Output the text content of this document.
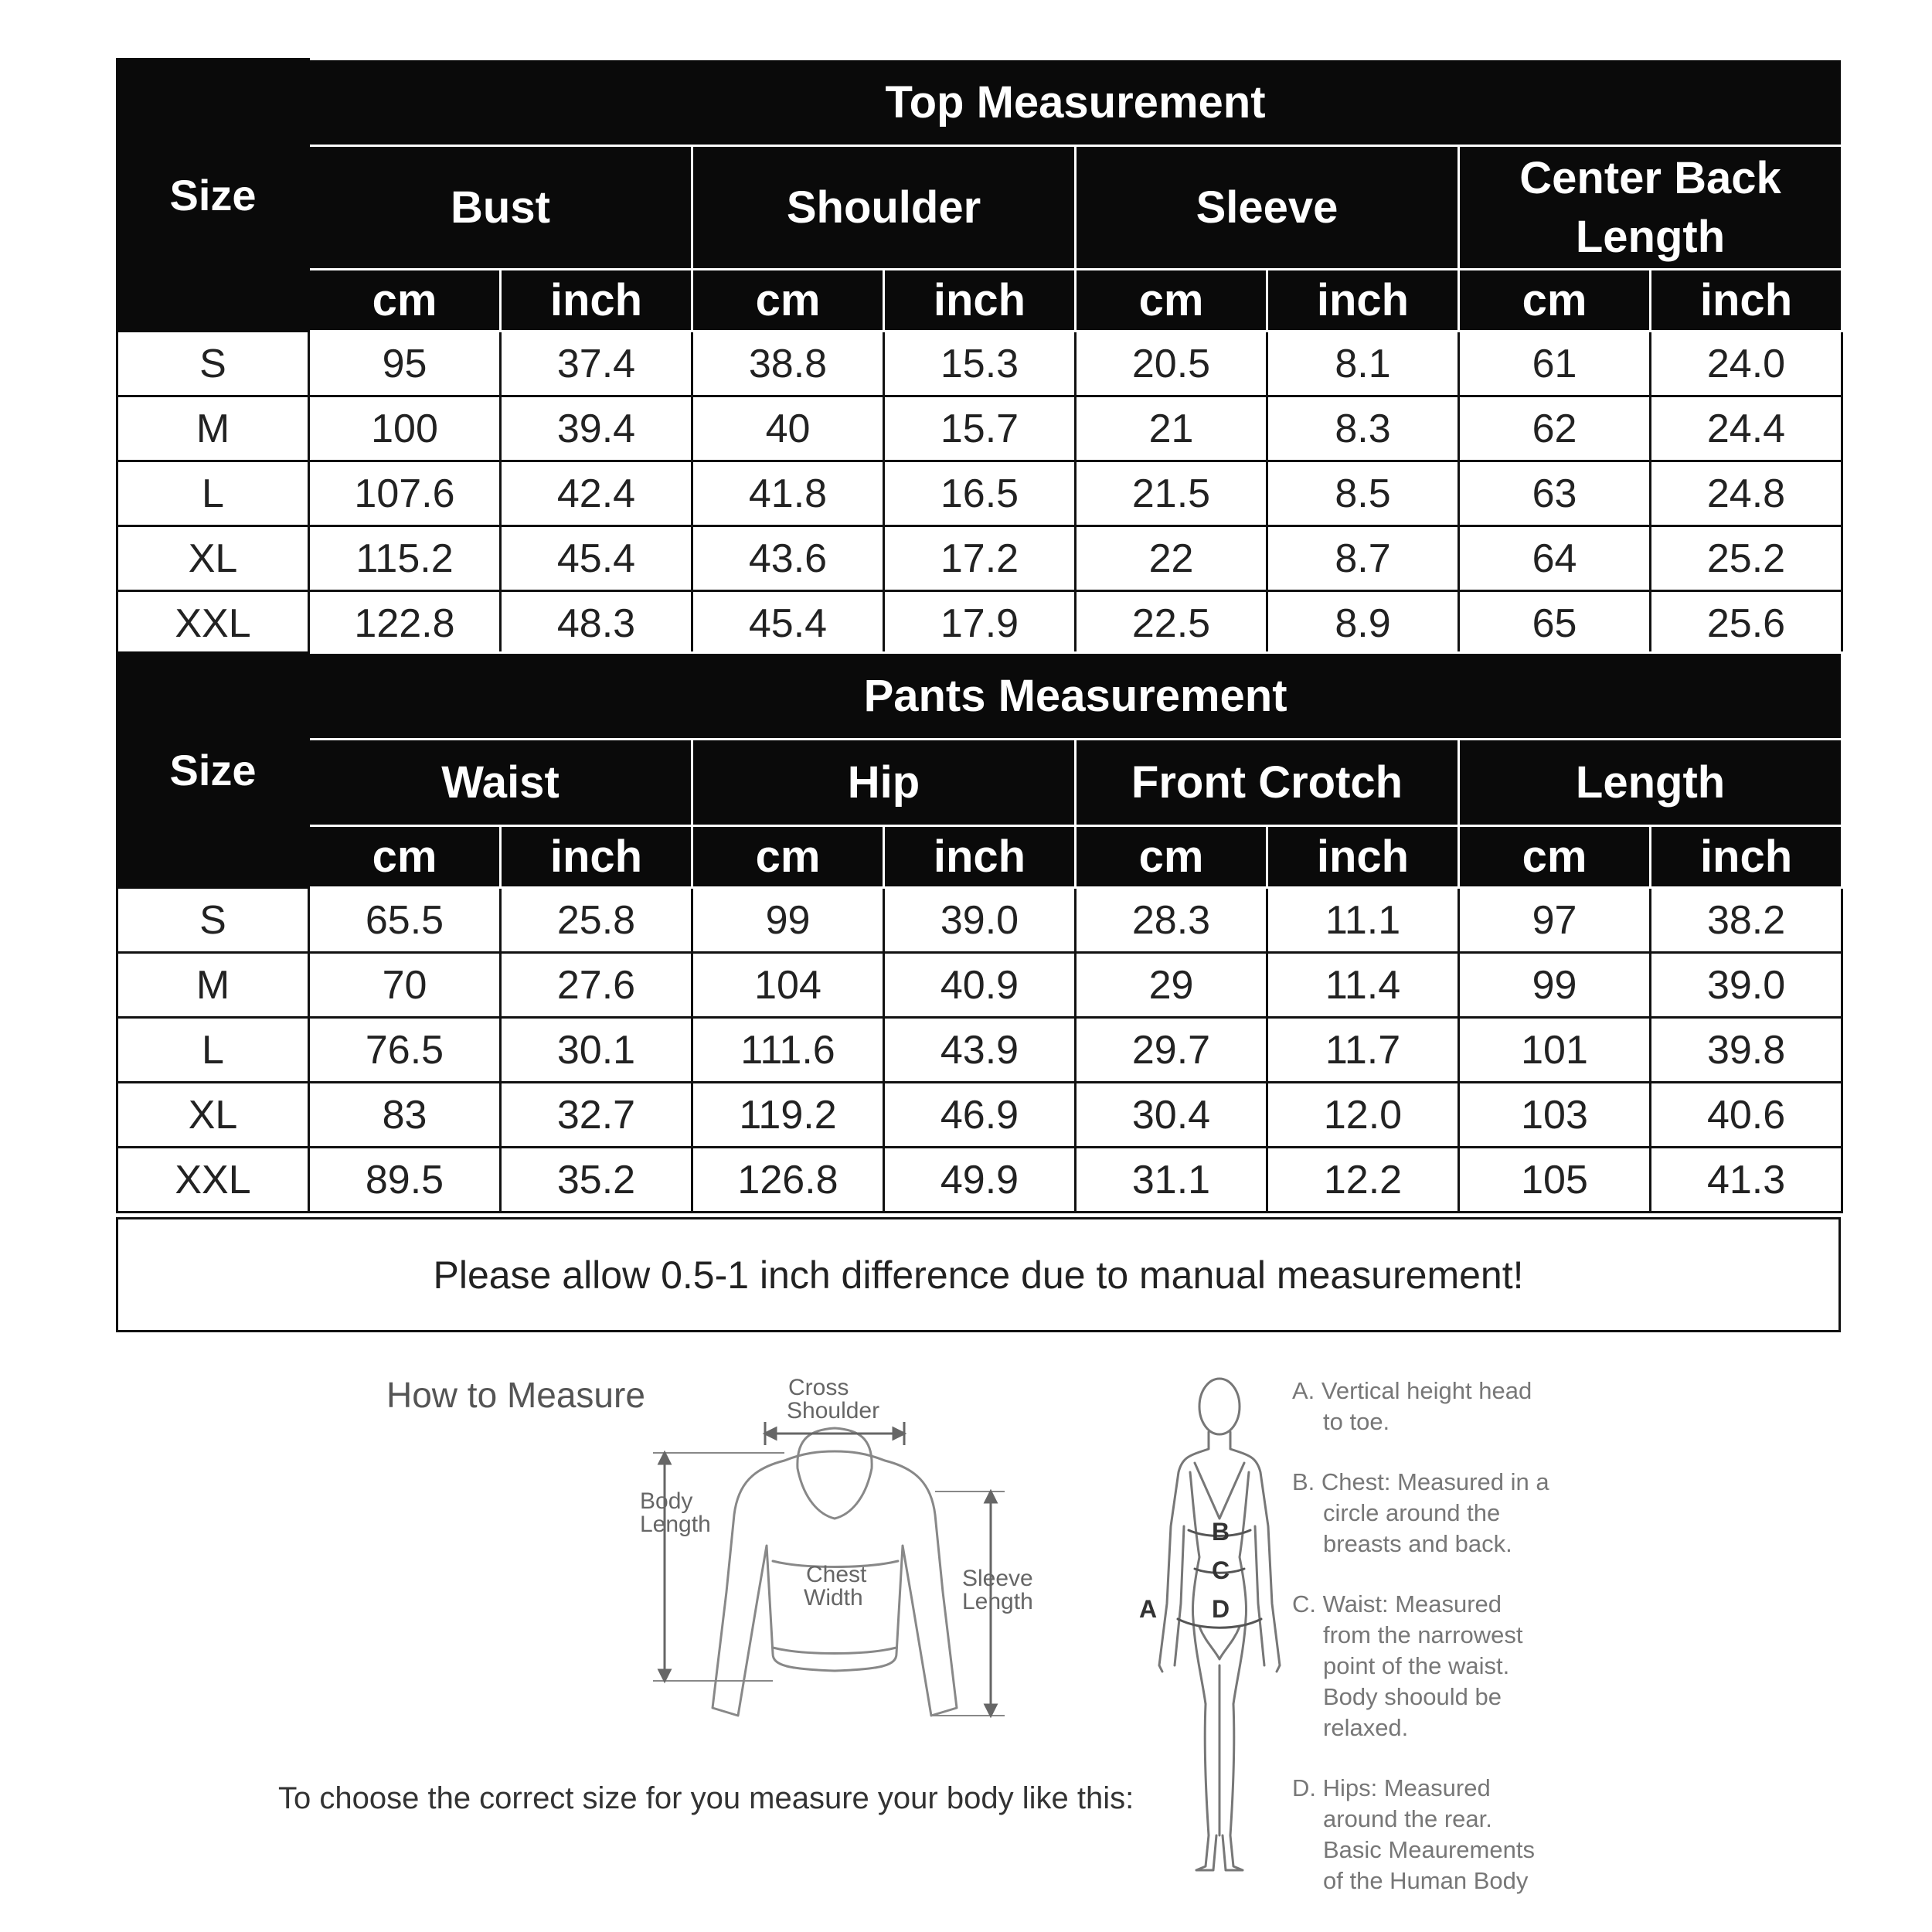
Size	Top Measurement							
	Bust		Shoulder		Sleeve		Center Back Length	
	cm	inch	cm	inch	cm	inch	cm	inch
S	95	37.4	38.8	15.3	20.5	8.1	61	24.0
M	100	39.4	40	15.7	21	8.3	62	24.4
L	107.6	42.4	41.8	16.5	21.5	8.5	63	24.8
XL	115.2	45.4	43.6	17.2	22	8.7	64	25.2
XXL	122.8	48.3	45.4	17.9	22.5	8.9	65	25.6
Size	Pants Measurement							
	Waist		Hip		Front Crotch		Length	
	cm	inch	cm	inch	cm	inch	cm	inch
S	65.5	25.8	99	39.0	28.3	11.1	97	38.2
M	70	27.6	104	40.9	29	11.4	99	39.0
L	76.5	30.1	111.6	43.9	29.7	11.7	101	39.8
XL	83	32.7	119.2	46.9	30.4	12.0	103	40.6
XXL	89.5	35.2	126.8	49.9	31.1	12.2	105	41.3
Please allow 0.5-1 inch difference due to manual measurement!
How to Measure	Cross
Shoulder
Body
Length
Chest
Width
Sleeve
Length
To choose the correct size for you measure your body like this:
B
C
D
A
A. Vertical height head
to toe.
B. Chest: Measured in a
circle around the
breasts and back.
C. Waist: Measured
from the narrowest
point of the waist.
Body shoould be
relaxed.
D. Hips: Measured
around the rear.
Basic Meaurements
of the Human Body
